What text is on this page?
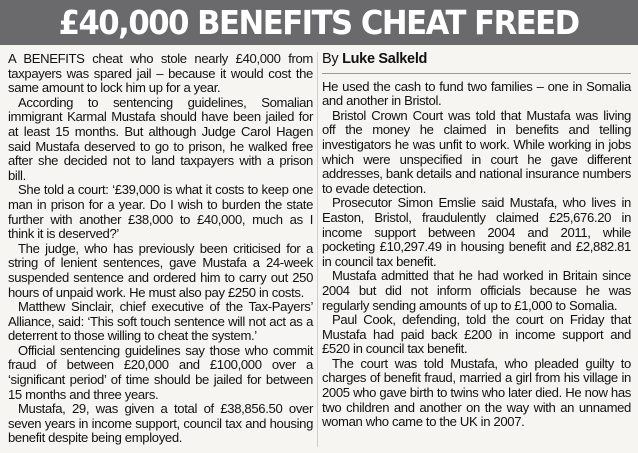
£40,000 BENEFITS CHEAT FREED

A BENEFITS cheat who stole nearly £40,000 from taxpayers was spared jail – because it would cost the same amount to lock him up for a year.

According to sentencing guidelines, Somalian immigrant Karmal Mustafa should have been jailed for at least 15 months. But although Judge Carol Hagen said Mustafa deserved to go to prison, he walked free after she decided not to land taxpayers with a prison bill.

She told a court: ‘£39,000 is what it costs to keep one man in prison for a year. Do I wish to burden the state further with another £38,000 to £40,000, much as I think it is deserved?’

The judge, who has previously been criticised for a string of lenient sentences, gave Mustafa a 24-week suspended sentence and ordered him to carry out 250 hours of unpaid work. He must also pay £250 in costs.

Matthew Sinclair, chief executive of the Tax-Payers’ Alliance, said: ‘This soft touch sentence will not act as a deterrent to those willing to cheat the system.’

Official sentencing guidelines say those who commit fraud of between £20,000 and £100,000 over a ‘significant period’ of time should be jailed for between 15 months and three years.

Mustafa, 29, was given a total of £38,856.50 over seven years in income support, council tax and housing benefit despite being employed.

By Luke Salkeld

He used the cash to fund two families – one in Somalia and another in Bristol.

Bristol Crown Court was told that Mustafa was living off the money he claimed in benefits and telling investigators he was unfit to work. While working in jobs which were unspecified in court he gave different addresses, bank details and national insurance numbers to evade detection.

Prosecutor Simon Emslie said Mustafa, who lives in Easton, Bristol, fraudulently claimed £25,676.20 in income support between 2004 and 2011, while pocketing £10,297.49 in housing benefit and £2,882.81 in council tax benefit.

Mustafa admitted that he had worked in Britain since 2004 but did not inform officials because he was regularly sending amounts of up to £1,000 to Somalia.

Paul Cook, defending, told the court on Friday that Mustafa had paid back £200 in income support and £520 in council tax benefit.

The court was told Mustafa, who pleaded guilty to charges of benefit fraud, married a girl from his village in 2005 who gave birth to twins who later died. He now has two children and another on the way with an unnamed woman who came to the UK in 2007.
